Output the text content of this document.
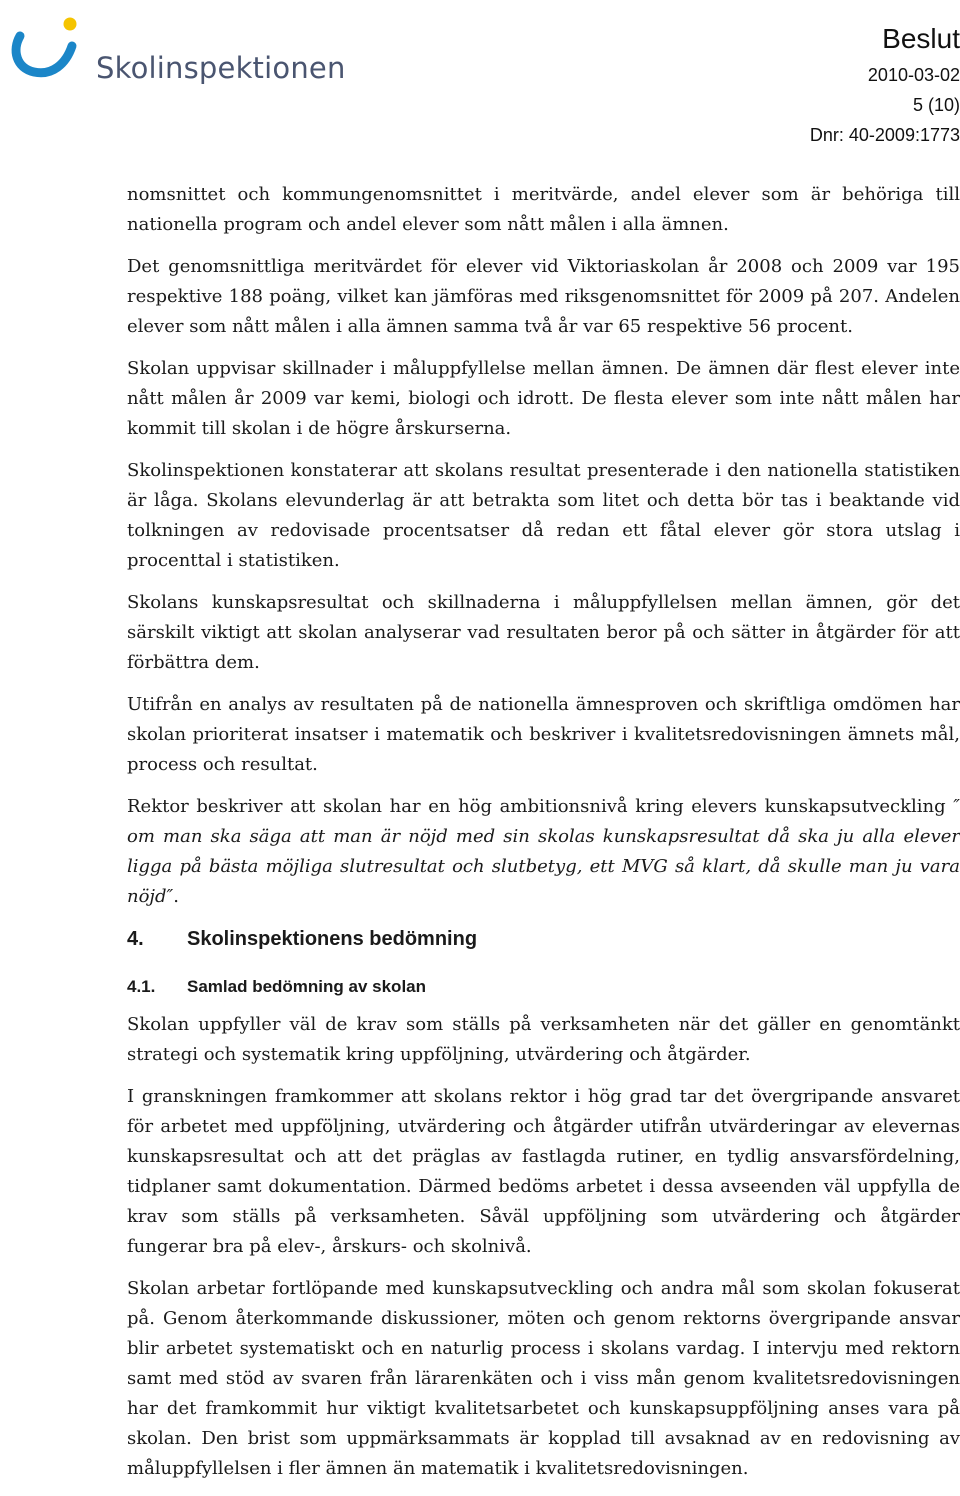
Skolinspektionen
Beslut
2010-03-02
5 (10)
Dnr: 40-2009:1773

nomsnittet och kommungenomsnittet i meritvärde, andel elever som är behöriga till nationella program och andel elever som nått målen i alla ämnen.

Det genomsnittliga meritvärdet för elever vid Viktoriaskolan år 2008 och 2009 var 195 respektive 188 poäng, vilket kan jämföras med riksgenomsnittet för 2009 på 207. Andelen elever som nått målen i alla ämnen samma två år var 65 respektive 56 procent.

Skolan uppvisar skillnader i måluppfyllelse mellan ämnen. De ämnen där flest elever inte nått målen år 2009 var kemi, biologi och idrott. De flesta elever som inte nått målen har kommit till skolan i de högre årskurserna.

Skolinspektionen konstaterar att skolans resultat presenterade i den nationella statistiken är låga. Skolans elevunderlag är att betrakta som litet och detta bör tas i beaktande vid tolkningen av redovisade procentsatser då redan ett fåtal elever gör stora utslag i procenttal i statistiken.

Skolans kunskapsresultat och skillnaderna i måluppfyllelsen mellan ämnen, gör det särskilt viktigt att skolan analyserar vad resultaten beror på och sätter in åtgärder för att förbättra dem.

Utifrån en analys av resultaten på de nationella ämnesproven och skriftliga omdömen har skolan prioriterat insatser i matematik och beskriver i kvalitetsredovisningen ämnets mål, process och resultat.

Rektor beskriver att skolan har en hög ambitionsnivå kring elevers kunskapsutveckling ″ om man ska säga att man är nöjd med sin skolas kunskapsresultat då ska ju alla elever ligga på bästa möjliga slutresultat och slutbetyg, ett MVG så klart, då skulle man ju vara nöjd″.

4.	Skolinspektionens bedömning

4.1.	Samlad bedömning av skolan

Skolan uppfyller väl de krav som ställs på verksamheten när det gäller en genomtänkt strategi och systematik kring uppföljning, utvärdering och åtgärder.

I granskningen framkommer att skolans rektor i hög grad tar det övergripande ansvaret för arbetet med uppföljning, utvärdering och åtgärder utifrån utvärderingar av elevernas kunskapsresultat och att det präglas av fastlagda rutiner, en tydlig ansvarsfördelning, tidplaner samt dokumentation. Därmed bedöms arbetet i dessa avseenden väl uppfylla de krav som ställs på verksamheten. Såväl uppföljning som utvärdering och åtgärder fungerar bra på elev-, årskurs- och skolnivå.

Skolan arbetar fortlöpande med kunskapsutveckling och andra mål som skolan fokuserat på. Genom återkommande diskussioner, möten och genom rektorns övergripande ansvar blir arbetet systematiskt och en naturlig process i skolans vardag. I intervju med rektorn samt med stöd av svaren från lärarenkäten och i viss mån genom kvalitetsredovisningen har det framkommit hur viktigt kvalitetsarbetet och kunskapsuppföljning anses vara på skolan. Den brist som uppmärksammats är kopplad till avsaknad av en redovisning av måluppfyllelsen i fler ämnen än matematik i kvalitetsredovisningen.
